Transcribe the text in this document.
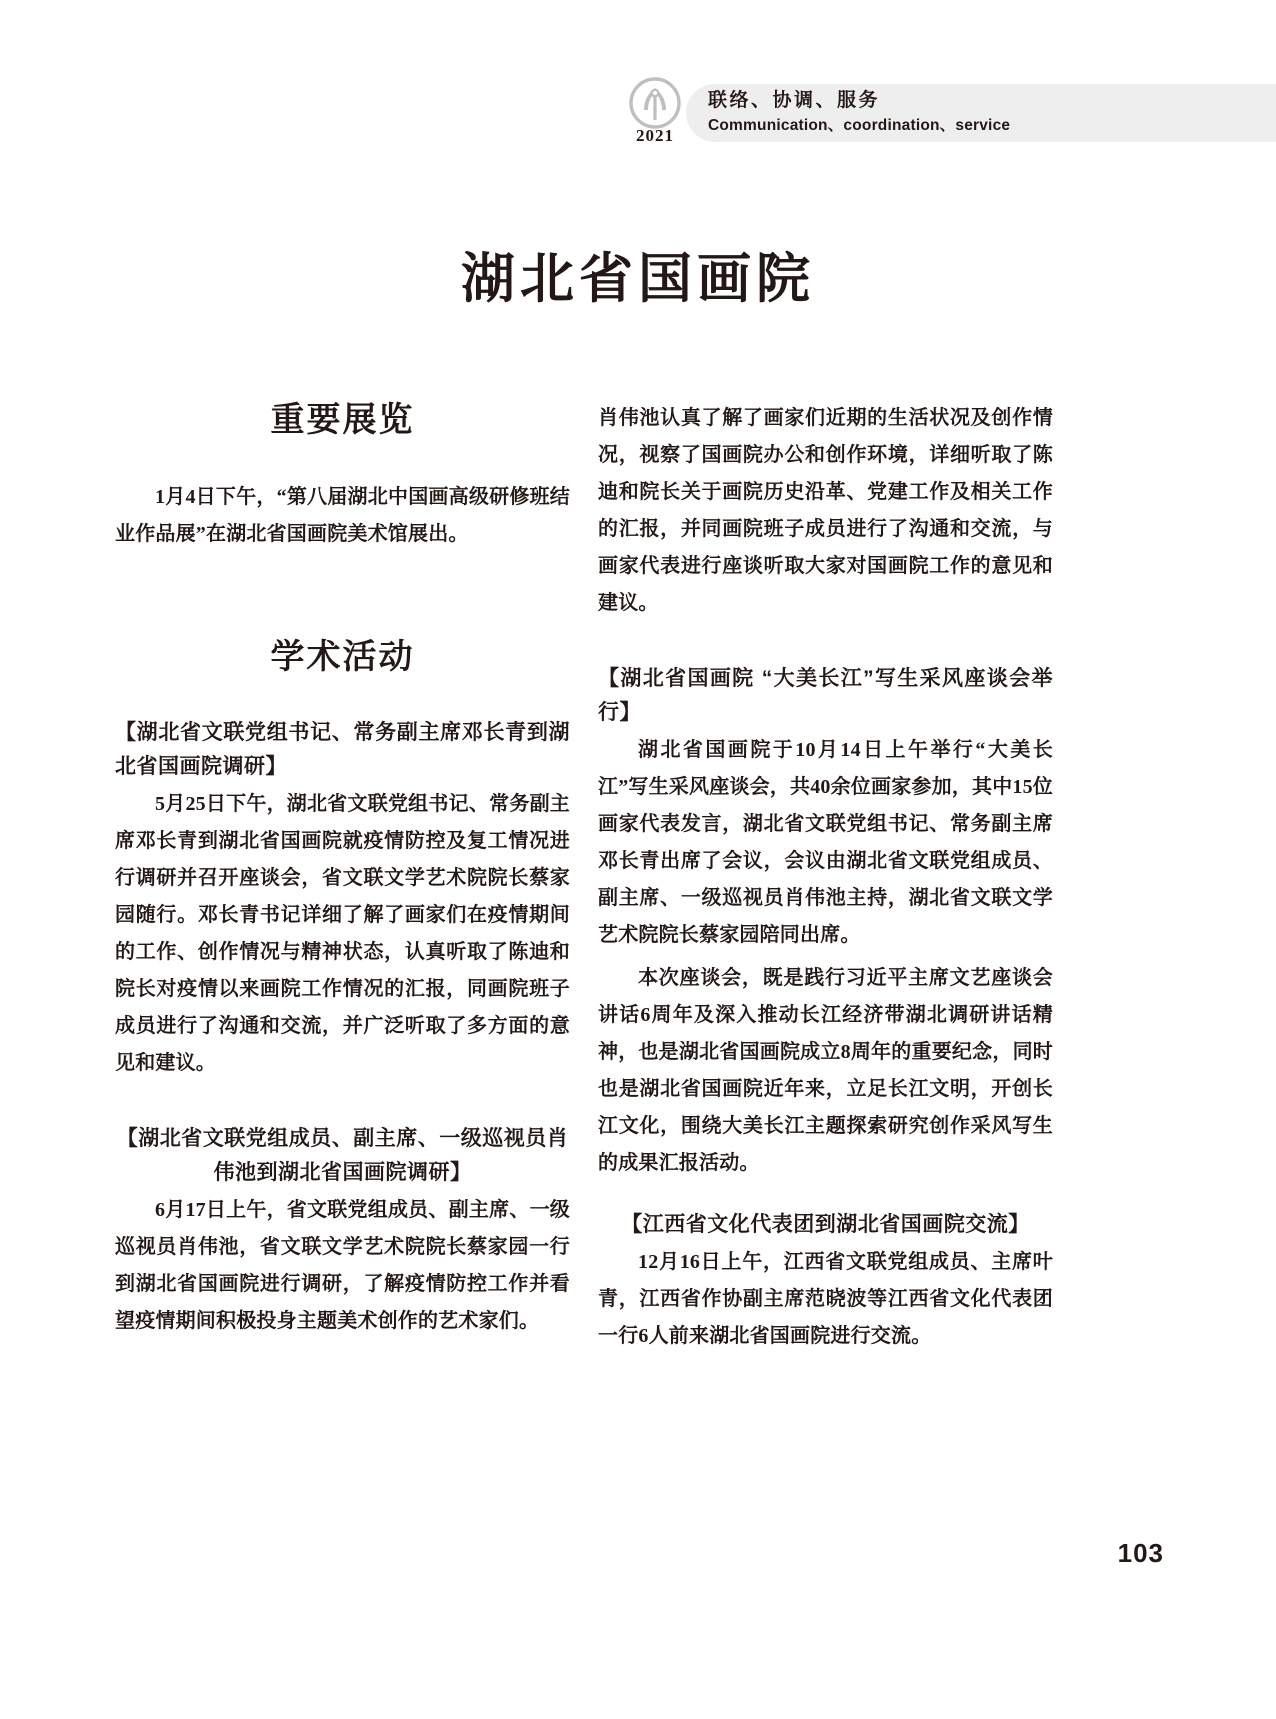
2021
联络、协调、服务
Communication、coordination、service
湖北省国画院
重要展览

1月4日下午，“第八届湖北中国画高级研修班结业作品展”在湖北省国画院美术馆展出。

学术活动
【湖北省文联党组书记、常务副主席邓长青到湖北省国画院调研】

5月25日下午，湖北省文联党组书记、常务副主席邓长青到湖北省国画院就疫情防控及复工情况进行调研并召开座谈会，省文联文学艺术院院长蔡家园随行。邓长青书记详细了解了画家们在疫情期间的工作、创作情况与精神状态，认真听取了陈迪和院长对疫情以来画院工作情况的汇报，同画院班子成员进行了沟通和交流，并广泛听取了多方面的意见和建议。

【湖北省文联党组成员、副主席、一级巡视员肖伟池到湖北省国画院调研】

6月17日上午，省文联党组成员、副主席、一级巡视员肖伟池，省文联文学艺术院院长蔡家园一行到湖北省国画院进行调研，了解疫情防控工作并看望疫情期间积极投身主题美术创作的艺术家们。

肖伟池认真了解了画家们近期的生活状况及创作情况，视察了国画院办公和创作环境，详细听取了陈迪和院长关于画院历史沿革、党建工作及相关工作的汇报，并同画院班子成员进行了沟通和交流，与画家代表进行座谈听取大家对国画院工作的意见和建议。

【湖北省国画院 “大美长江”写生采风座谈会举行】

湖北省国画院于10月14日上午举行“大美长江”写生采风座谈会，共40余位画家参加，其中15位画家代表发言，湖北省文联党组书记、常务副主席邓长青出席了会议，会议由湖北省文联党组成员、副主席、一级巡视员肖伟池主持，湖北省文联文学艺术院院长蔡家园陪同出席。

本次座谈会，既是践行习近平主席文艺座谈会讲话6周年及深入推动长江经济带湖北调研讲话精神，也是湖北省国画院成立8周年的重要纪念，同时也是湖北省国画院近年来，立足长江文明，开创长江文化，围绕大美长江主题探索研究创作采风写生的成果汇报活动。

【江西省文化代表团到湖北省国画院交流】

12月16日上午，江西省文联党组成员、主席叶青，江西省作协副主席范晓波等江西省文化代表团一行6人前来湖北省国画院进行交流。

103
